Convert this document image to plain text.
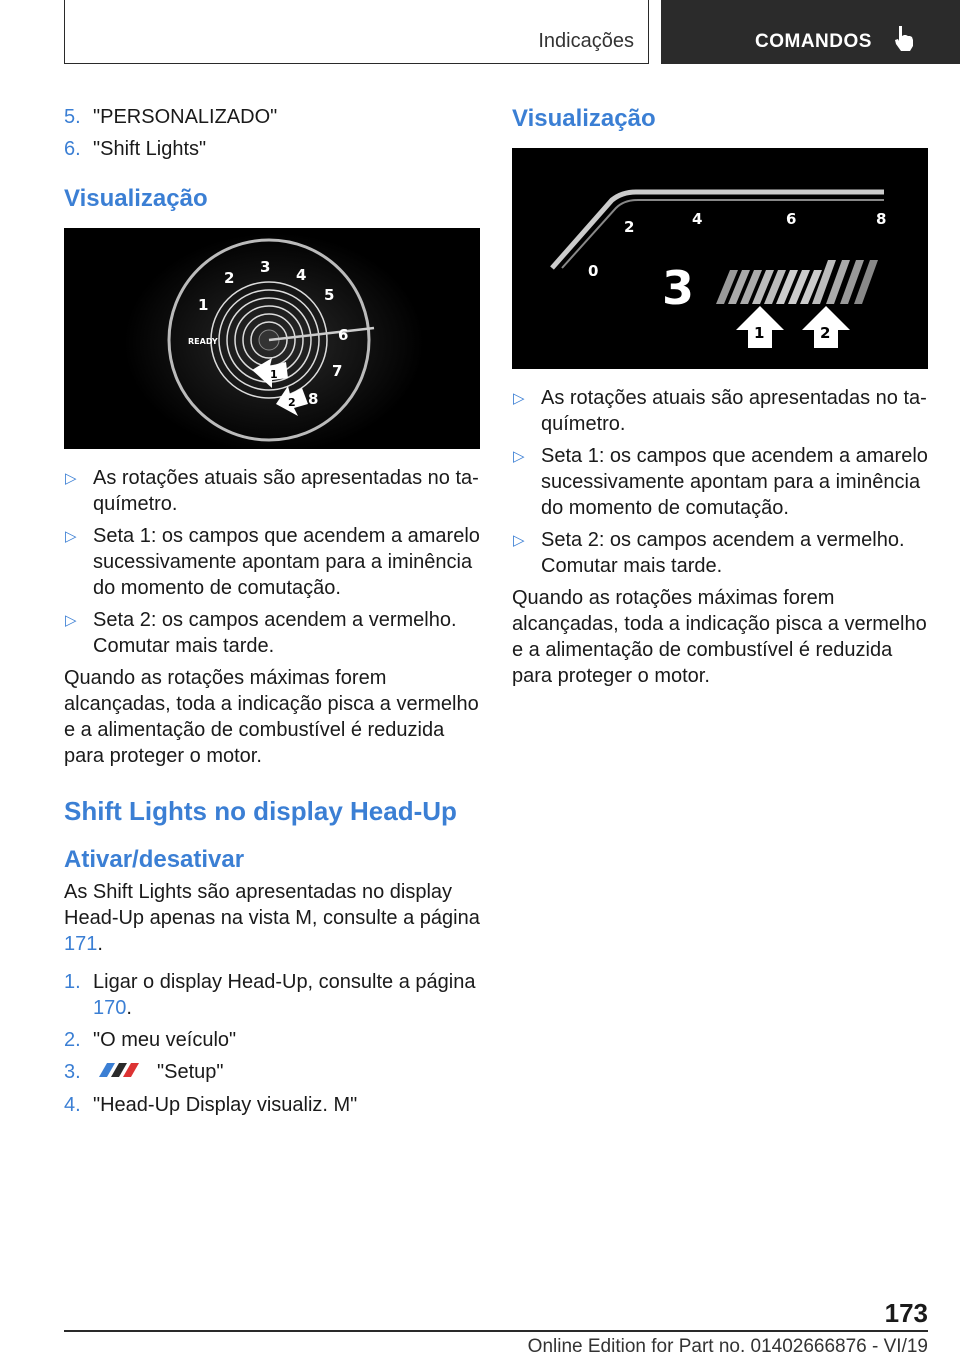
Indicações	COMANDOS
5. "PERSONALIZADO"
6. "Shift Lights"
Visualização
1
2
3 4
5
6
7
8
READY
1
2
▷ As rotações atuais são apresentadas no taquímetro.
▷ Seta 1: os campos que acendem a amarelo sucessivamente apontam para a iminência do momento de comutação.
▷ Seta 2: os campos acendem a vermelho. Comutar mais tarde.

Quando as rotações máximas forem alcançadas, toda a indicação pisca a vermelho e a alimentação de combustível é reduzida para proteger o motor.

Shift Lights no display Head-Up
Ativar/desativar

As Shift Lights são apresentadas no display Head-Up apenas na vista M, consulte a página 171.

1. Ligar o display Head-Up, consulte a página 170.
2. "O meu veículo"
3.	"Setup"
4. "Head-Up Display visualiz. M"
Visualização
0
2	4	6	8
3
1	2
▷ As rotações atuais são apresentadas no taquímetro.
▷ Seta 1: os campos que acendem a amarelo sucessivamente apontam para a iminência do momento de comutação.
▷ Seta 2: os campos acendem a vermelho. Comutar mais tarde.

Quando as rotações máximas forem alcançadas, toda a indicação pisca a vermelho e a alimentação de combustível é reduzida para proteger o motor.

173
Online Edition for Part no. 01402666876 - VI/19
